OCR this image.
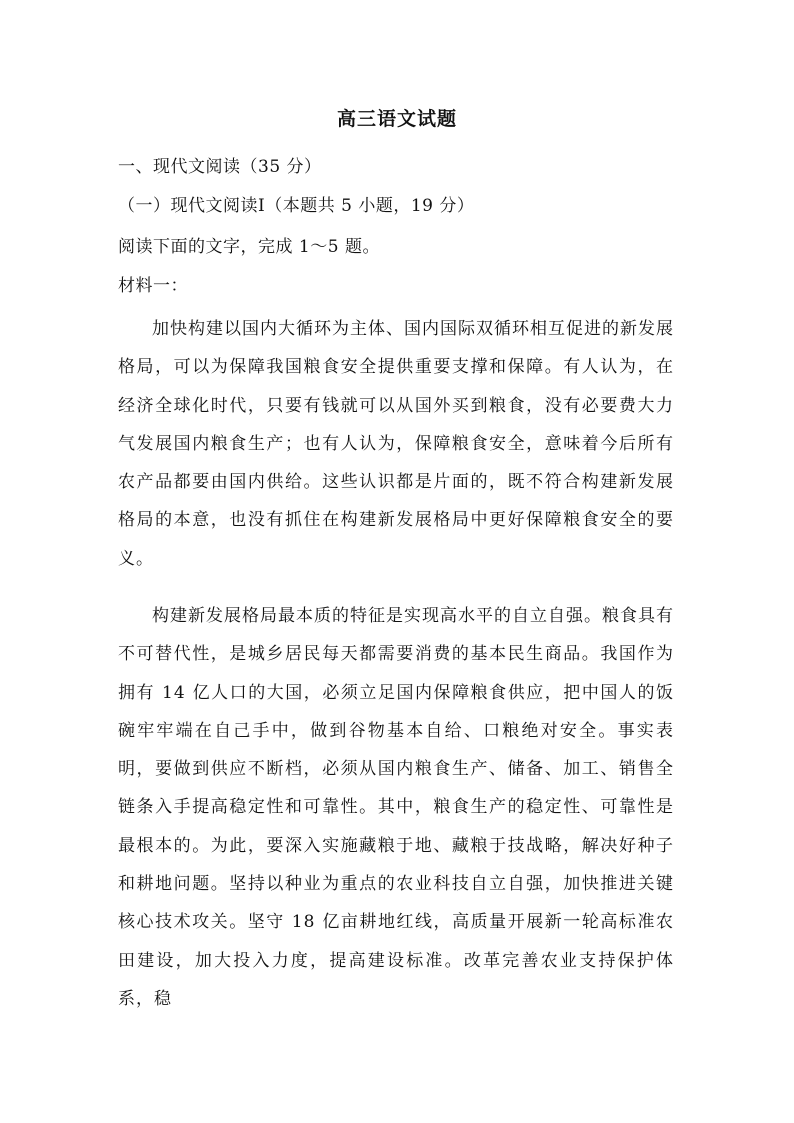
高三语文试题
一、现代文阅读（35 分）
（一）现代文阅读Ⅰ（本题共 5 小题，19 分）
阅读下面的文字，完成 1～5 题。
材料一：
加快构建以国内大循环为主体、国内国际双循环相互促进的新发展格局，可以为保障我国粮食安全提供重要支撑和保障。有人认为，在经济全球化时代，只要有钱就可以从国外买到粮食，没有必要费大力气发展国内粮食生产；也有人认为，保障粮食安全，意味着今后所有农产品都要由国内供给。这些认识都是片面的，既不符合构建新发展格局的本意，也没有抓住在构建新发展格局中更好保障粮食安全的要义。
构建新发展格局最本质的特征是实现高水平的自立自强。粮食具有不可替代性，是城乡居民每天都需要消费的基本民生商品。我国作为拥有 14 亿人口的大国，必须立足国内保障粮食供应，把中国人的饭碗牢牢端在自己手中，做到谷物基本自给、口粮绝对安全。事实表明，要做到供应不断档，必须从国内粮食生产、储备、加工、销售全链条入手提高稳定性和可靠性。其中，粮食生产的稳定性、可靠性是最根本的。为此，要深入实施藏粮于地、藏粮于技战略，解决好种子和耕地问题。坚持以种业为重点的农业科技自立自强，加快推进关键核心技术攻关。坚守 18 亿亩耕地红线，高质量开展新一轮高标准农田建设，加大投入力度，提高建设标准。改革完善农业支持保护体系，稳
